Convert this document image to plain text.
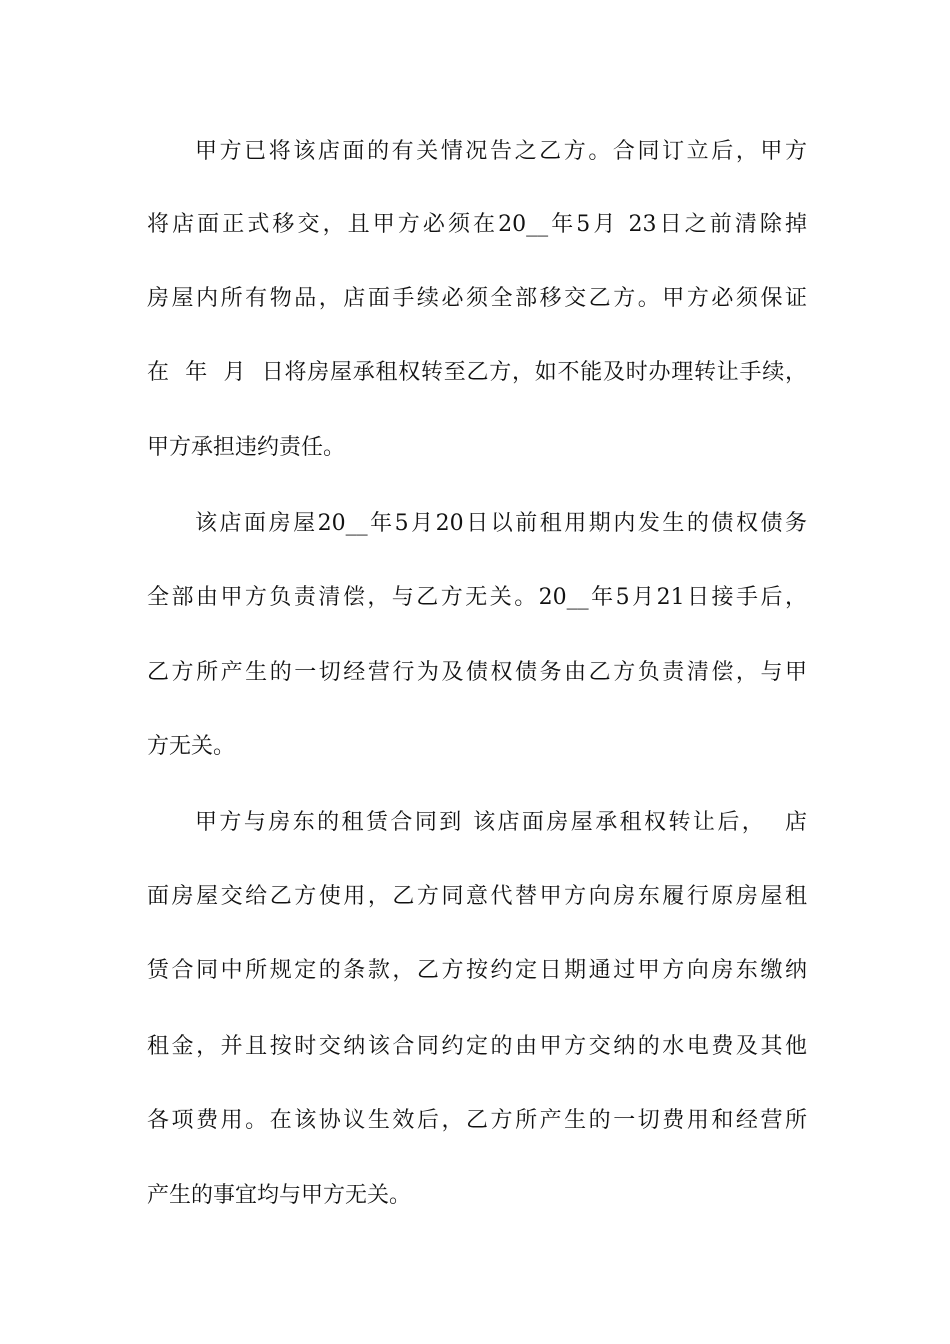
甲方已将该店面的有关情况告之乙方。合同订立后，甲方
将店面正式移交，且甲方必须在20__年5月 23日之前清除掉
房屋内所有物品，店面手续必须全部移交乙方。甲方必须保证
在  年  月  日将房屋承租权转至乙方，如不能及时办理转让手续，
甲方承担违约责任。
该店面房屋20__年5月20日以前租用期内发生的债权债务
全部由甲方负责清偿，与乙方无关。20__年5月21日接手后，
乙方所产生的一切经营行为及债权债务由乙方负责清偿，与甲
方无关。
甲方与房东的租赁合同到 该店面房屋承租权转让后，  店
面房屋交给乙方使用，乙方同意代替甲方向房东履行原房屋租
赁合同中所规定的条款，乙方按约定日期通过甲方向房东缴纳
租金，并且按时交纳该合同约定的由甲方交纳的水电费及其他
各项费用。在该协议生效后，乙方所产生的一切费用和经营所
产生的事宜均与甲方无关。
